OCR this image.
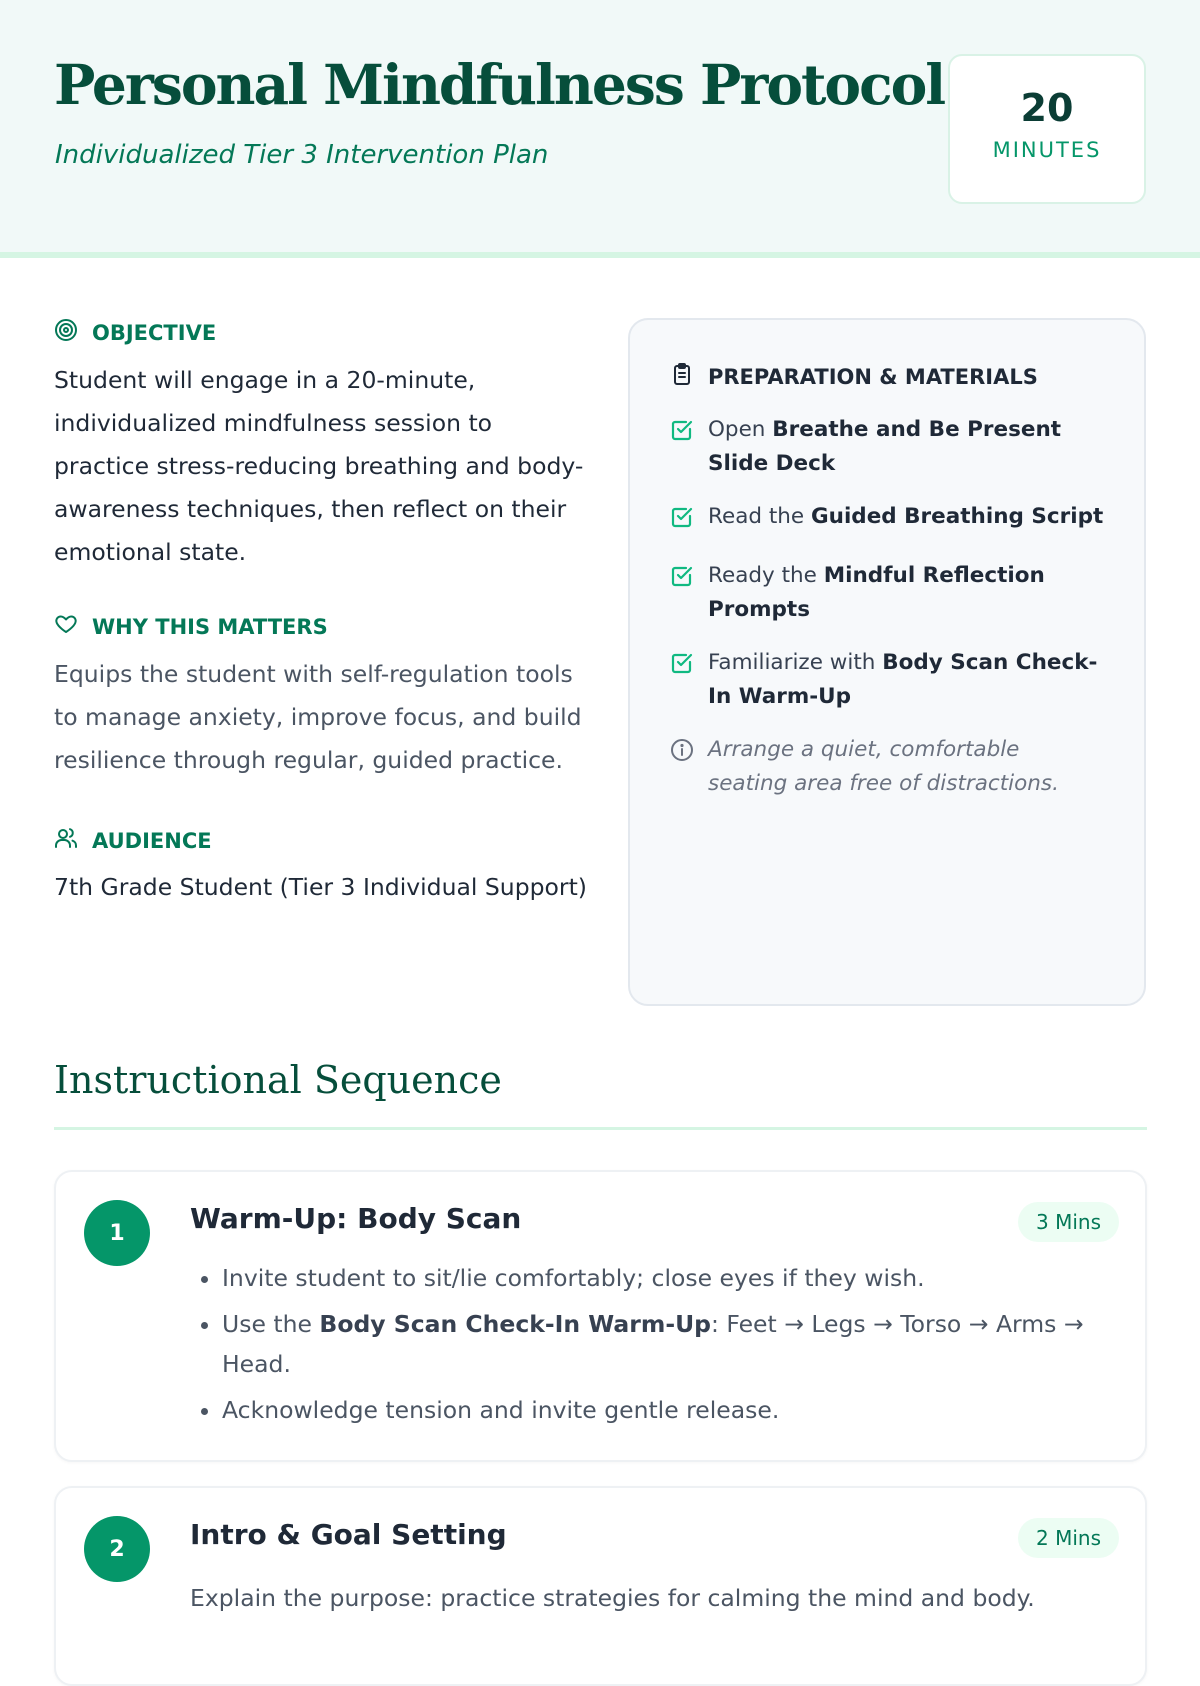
Personal Mindfulness Protocol

Individualized Tier 3 Intervention Plan

20
MINUTES
OBJECTIVE

Student will engage in a 20-minute, individualized mindfulness session to practice stress-reducing breathing and body-awareness techniques, then reflect on their emotional state.

WHY THIS MATTERS

Equips the student with self-regulation tools to manage anxiety, improve focus, and build resilience through regular, guided practice.

AUDIENCE

7th Grade Student (Tier 3 Individual Support)

PREPARATION & MATERIALS
Open Breathe and Be Present Slide Deck
Read the Guided Breathing Script
Ready the Mindful Reflection Prompts
Familiarize with Body Scan Check-In Warm-Up
Arrange a quiet, comfortable seating area free of distractions.
Instructional Sequence
1	Warm-Up: Body Scan	3 Mins
• Invite student to sit/lie comfortably; close eyes if they wish.
• Use the Body Scan Check-In Warm-Up: Feet → Legs → Torso → Arms → Head.
• Acknowledge tension and invite gentle release.
2	Intro & Goal Setting	2 Mins

Explain the purpose: practice strategies for calming the mind and body.
